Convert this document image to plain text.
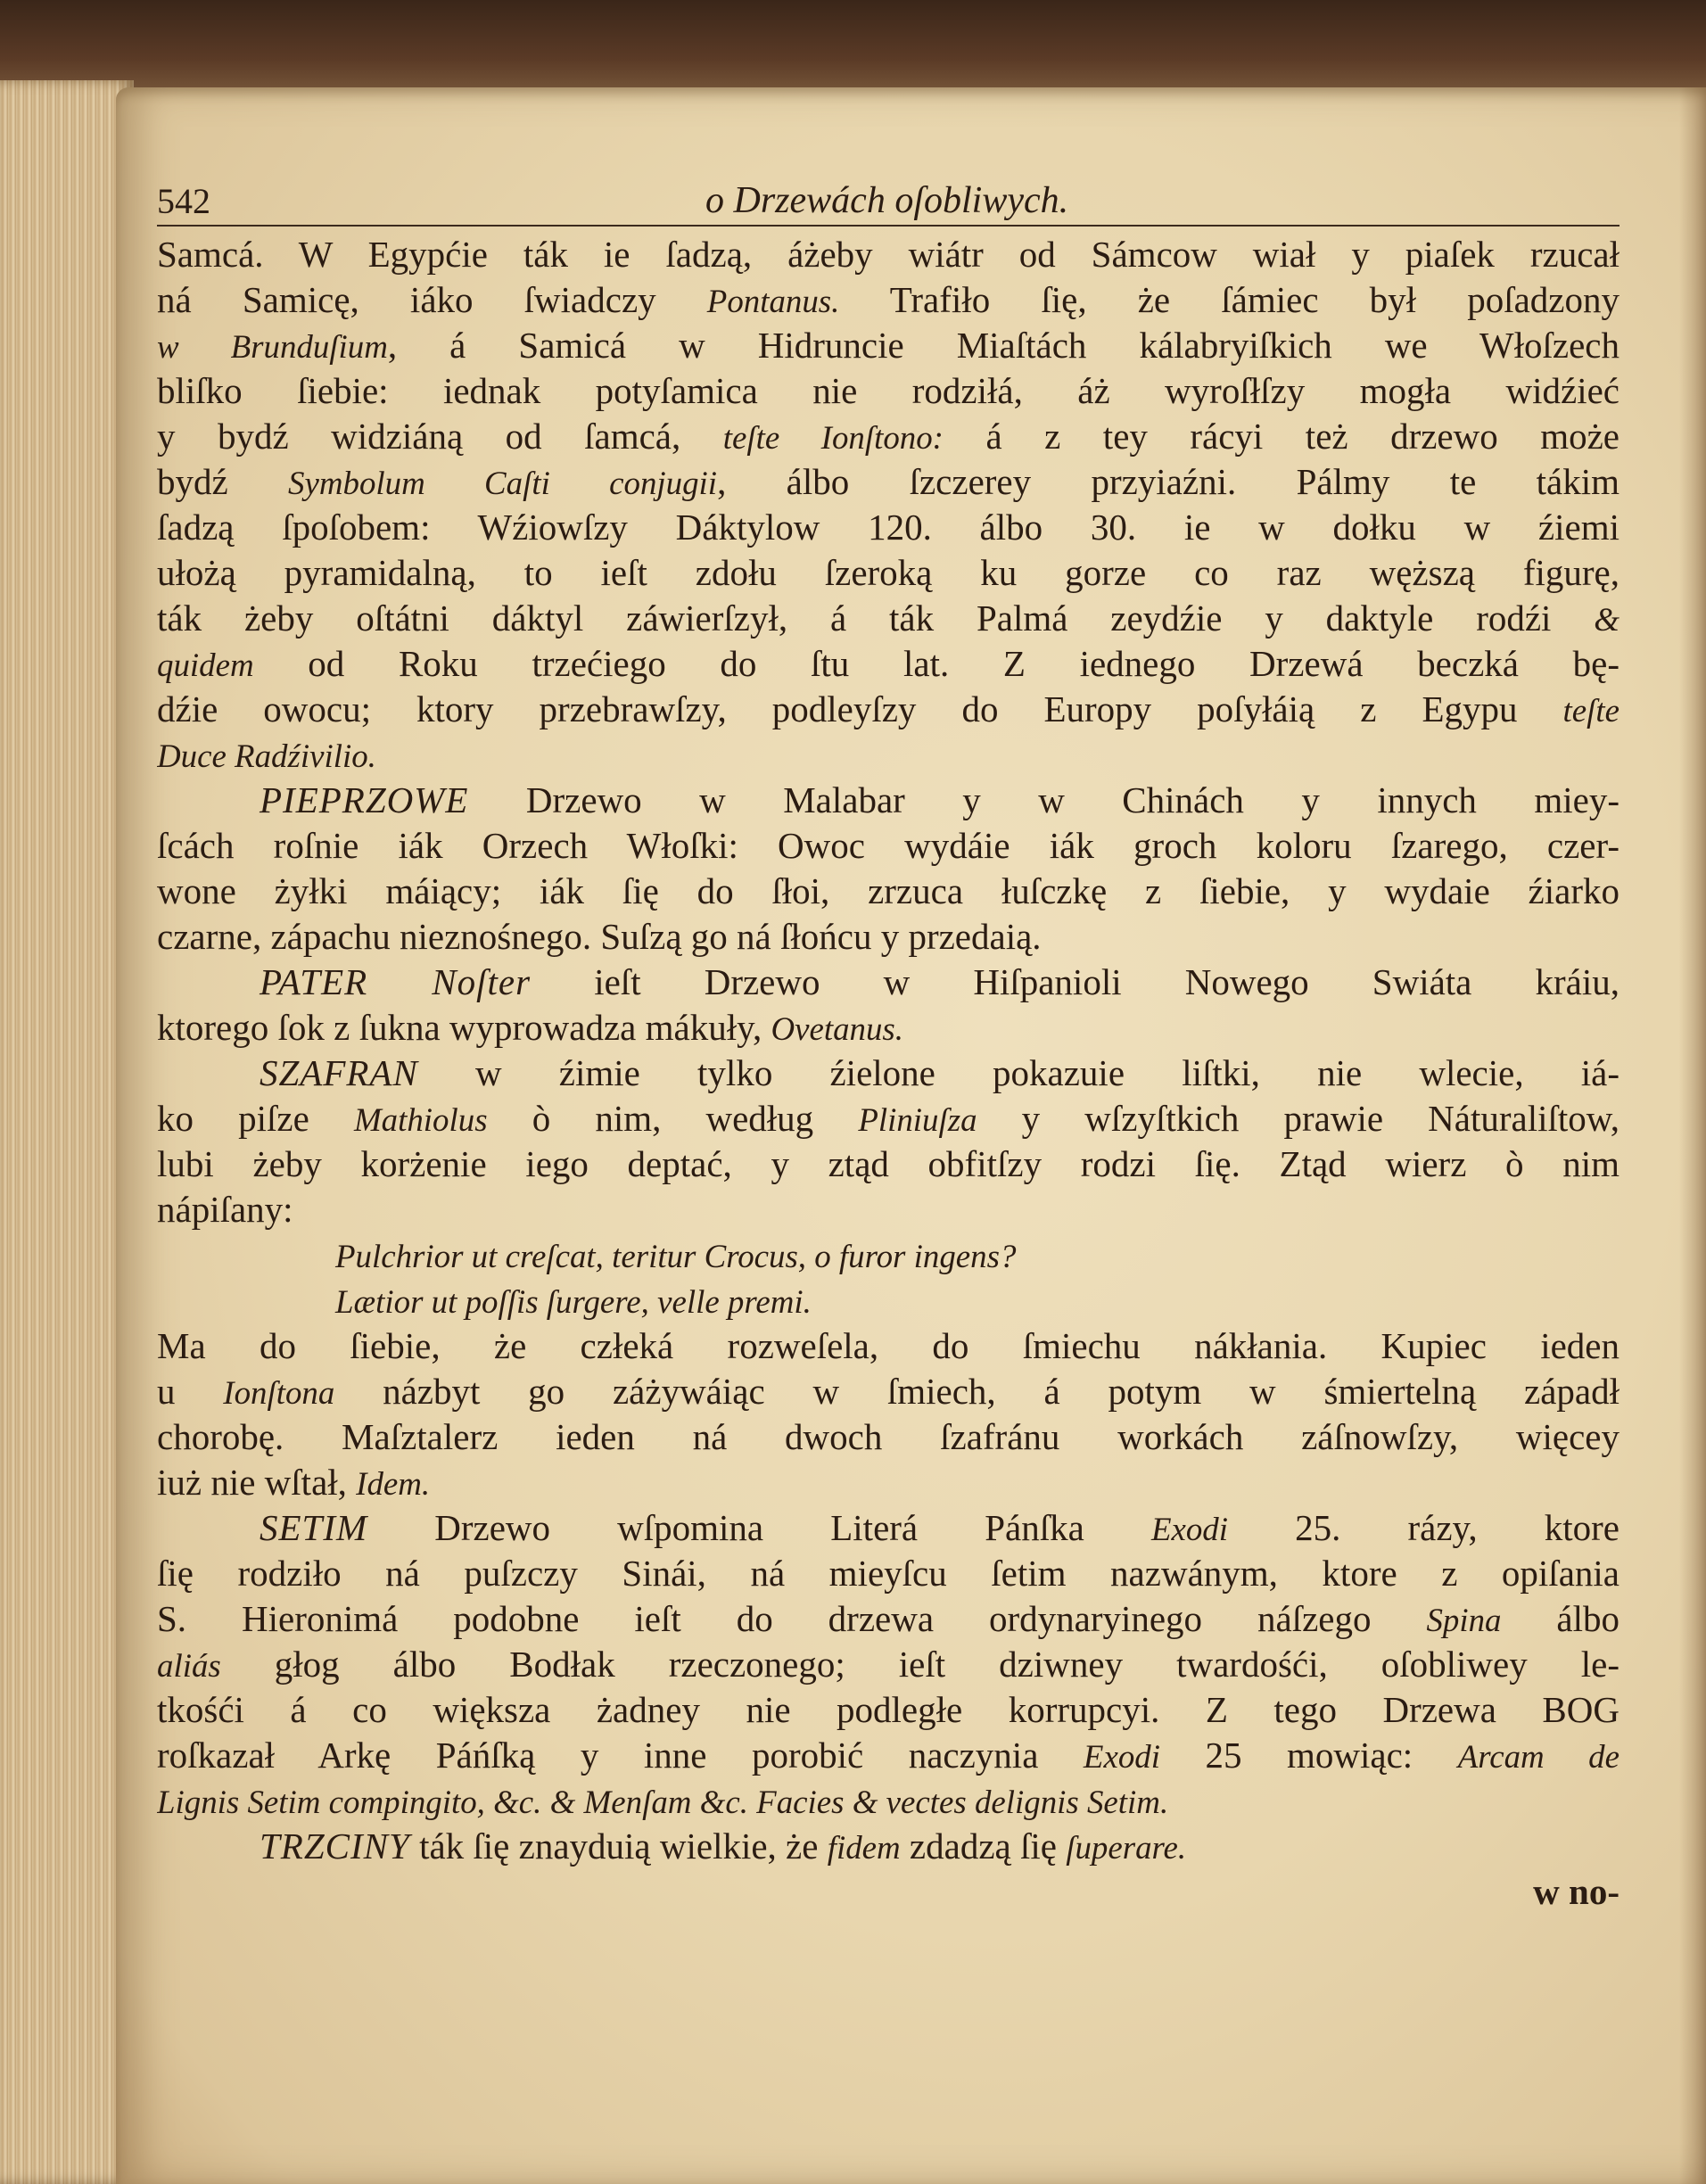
542	o Drzewách oſobliwych.
Samcá. W Egypćie ták ie ſadzą, áżeby wiátr od Sámcow wiał y piaſek rzucał
ná Samicę, iáko ſwiadczy Pontanus. Trafiło ſię, że ſámiec był poſadzony
w Brunduſium, á Samicá w Hidruncie Miaſtách kálabryiſkich we Włoſzech
bliſko ſiebie: iednak potyſamica nie rodziłá, áż wyroſłſzy mogła widźieć
y bydź widziáną od ſamcá, teſte Ionſtono: á z tey rácyi też drzewo może
bydź Symbolum Caſti conjugii, álbo ſzczerey przyiaźni. Pálmy te tákim
ſadzą ſpoſobem: Wźiowſzy Dáktylow 120. álbo 30. ie w dołku w źiemi
ułożą pyramidalną, to ieſt zdołu ſzeroką ku gorze co raz węższą figurę,
ták żeby oſtátni dáktyl záwierſzył, á ták Palmá zeydźie y daktyle rodźi &
quidem od Roku trzećiego do ſtu lat. Z iednego Drzewá beczká bę-
dźie owocu; ktory przebrawſzy, podleyſzy do Europy poſyłáią z Egypu teſte
Duce Radźivilio.
PIEPRZOWE Drzewo w Malabar y w Chinách y innych miey-
ſcách roſnie iák Orzech Włoſki: Owoc wydáie iák groch koloru ſzarego, czer-
wone żyłki máiący; iák ſię do ſłoi, zrzuca łuſczkę z ſiebie, y wydaie źiarko
czarne, zápachu nieznośnego. Suſzą go ná ſłońcu y przedaią.
PATER Noſter ieſt Drzewo w Hiſpanioli Nowego Swiáta kráiu,
ktorego ſok z ſukna wyprowadza mákuły, Ovetanus.
SZAFRAN w źimie tylko źielone pokazuie liſtki, nie wlecie, iá-
ko piſze Mathiolus ò nim, według Pliniuſza y wſzyſtkich prawie Náturaliſtow,
lubi żeby korżenie iego deptać, y ztąd obfitſzy rodzi ſię. Ztąd wierz ò nim
nápiſany:
Pulchrior ut creſcat, teritur Crocus, o furor ingens?
Lætior ut poſſis ſurgere, velle premi.
Ma do ſiebie, że człeká rozweſela, do ſmiechu nákłania. Kupiec ieden
u Ionſtona názbyt go záżywáiąc w ſmiech, á potym w śmiertelną západł
chorobę. Maſztalerz ieden ná dwoch ſzafránu workách záſnowſzy, więcey
iuż nie wſtał, Idem.
SETIM Drzewo wſpomina Literá Pánſka Exodi 25. rázy, ktore
ſię rodziło ná puſzczy Sinái, ná mieyſcu ſetim nazwánym, ktore z opiſania
S. Hieronimá podobne ieſt do drzewa ordynaryinego náſzego Spina álbo
aliás głog álbo Bodłak rzeczonego; ieſt dziwney twardośći, oſobliwey le-
tkośći á co większa żadney nie podległe korrupcyi. Z tego Drzewa BOG
roſkazał Arkę Páńſką y inne porobić naczynia Exodi 25 mowiąc: Arcam de
Lignis Setim compingito, &c. & Menſam &c. Facies & vectes delignis Setim.
TRZCINY ták ſię znayduią wielkie, że fidem zdadzą ſię ſuperare.
w no-
